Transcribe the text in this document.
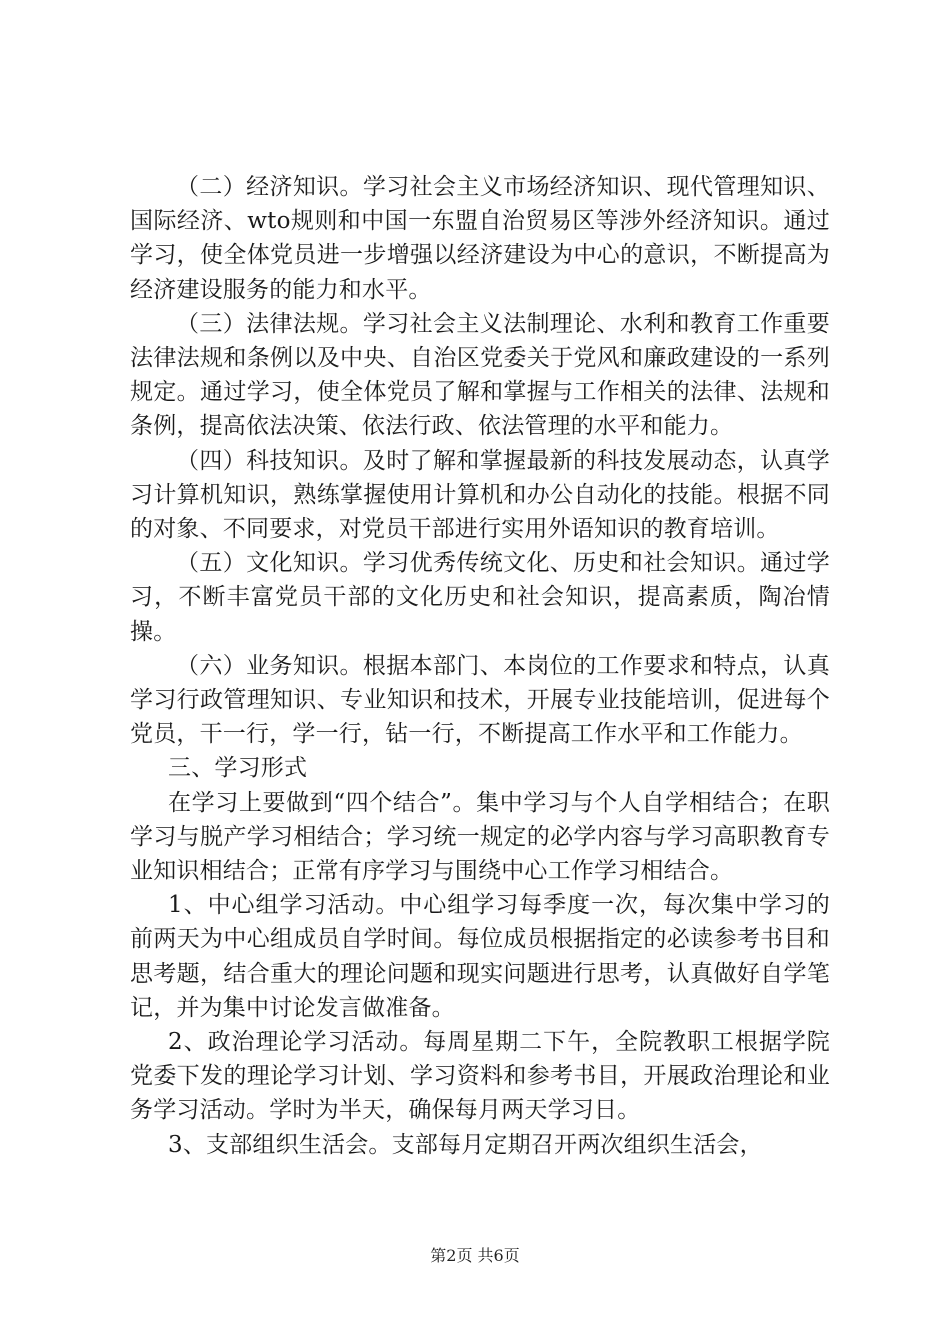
（二）经济知识。学习社会主义市场经济知识、现代管理知识、国际经济、wto规则和中国一东盟自治贸易区等涉外经济知识。通过学习，使全体党员进一步增强以经济建设为中心的意识，不断提高为经济建设服务的能力和水平。

（三）法律法规。学习社会主义法制理论、水利和教育工作重要法律法规和条例以及中央、自治区党委关于党风和廉政建设的一系列规定。通过学习，使全体党员了解和掌握与工作相关的法律、法规和条例，提高依法决策、依法行政、依法管理的水平和能力。

（四）科技知识。及时了解和掌握最新的科技发展动态，认真学习计算机知识，熟练掌握使用计算机和办公自动化的技能。根据不同的对象、不同要求，对党员干部进行实用外语知识的教育培训。

（五）文化知识。学习优秀传统文化、历史和社会知识。通过学习，不断丰富党员干部的文化历史和社会知识，提高素质，陶冶情操。

（六）业务知识。根据本部门、本岗位的工作要求和特点，认真学习行政管理知识、专业知识和技术，开展专业技能培训，促进每个党员，干一行，学一行，钻一行，不断提高工作水平和工作能力。

三、学习形式

在学习上要做到“四个结合”。集中学习与个人自学相结合；在职学习与脱产学习相结合；学习统一规定的必学内容与学习高职教育专业知识相结合；正常有序学习与围绕中心工作学习相结合。

1、中心组学习活动。中心组学习每季度一次，每次集中学习的前两天为中心组成员自学时间。每位成员根据指定的必读参考书目和思考题，结合重大的理论问题和现实问题进行思考，认真做好自学笔记，并为集中讨论发言做准备。

2、政治理论学习活动。每周星期二下午，全院教职工根据学院党委下发的理论学习计划、学习资料和参考书目，开展政治理论和业务学习活动。学时为半天，确保每月两天学习日。

3、支部组织生活会。支部每月定期召开两次组织生活会，

第2页 共6页
